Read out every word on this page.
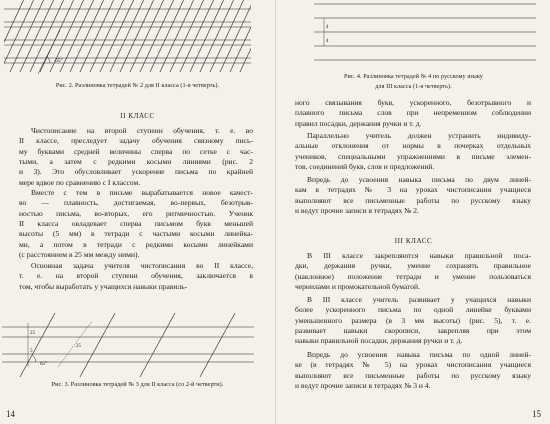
65°
Рис. 2. Разлиновка тетрадей № 2 для II класса (1-я четверть).
II КЛАСС
Чистописание на второй ступени обучения, т. е. во
II классе, преследует задачу обучения связному пись-
му буквами средней величины сперва по сетке с час-
тыми, а затем с редкими косыми линиями (рис. 2
и 3). Это обусловливает ускорение письма по крайней
мере вдвое по сравнению с I классом.
Вместе с тем в письме вырабатывается новое качест-
во — плавность, достигаемая, во-первых, безотрыв-
ностью письма, во-вторых, его ритмичностью. Ученик
II класса овладевает сперва письмом букв меньшей
высоты (5 мм) в тетради с частыми косыми линейка-
ми, а потом в тетради с редкими косыми линейками
(с расстоянием в 25 мм между ними).
Основная задача учителя чистописания во II классе,
т. е. на второй ступени обучения, заключается в
том, чтобы выработать у учащихся навыки правиль-
25
25
65°
5
Рис. 3. Разлиновка тетрадей № 3 для II класса (со 2-й четверти).
14
4
4
Рис. 4. Разлиновка тетрадей № 4 по русскому языку
для III класса (1-я четверть).
ного связывания букв, ускоренного, безотрывного и
плавного письма слов при непременном соблюдении
правил посадки, держания ручки и т. д.
Параллельно учитель должен устранить индивиду-
альные отклонения от нормы в почерках отдельных
учеников, специальными упражнениями в письме элемен-
тов, соединений букв, слов и предложений.
Впредь до усвоения навыка письма по двум линей-
кам в тетрадях № 3 на уроках чистописания учащиеся
выполняют все письменные работы по русскому языку
и ведут прочие записи в тетрадях № 2.
III КЛАСС
В III классе закрепляются навыки правильной поса-
дки, держания ручки, умение сохранять правильное
(наклонное) положение тетради и умение пользоваться
чернилами и промокательной бумагой.
В III классе учитель развивает у учащихся навыки
более ускоренного письма по одной линейке буквами
уменьшенного размера (в 3 мм высоты) (рис. 5), т. е.
развивает навыки скорописи, закрепляя при этом
навыки правильной посадки, держания ручки и т. д.
Впредь до усвоения навыка письма по одной линей-
ке (в тетрадях № 5) на уроках чистописания учащиеся
выполняют все письменные работы по русскому языку
и ведут прочие записи в тетрадях № 3 и 4.
15
